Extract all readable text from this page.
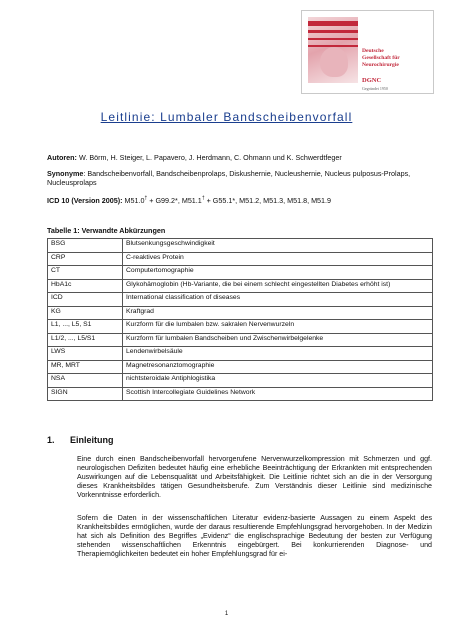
Deutsche
Gesellschaft für
Neurochirurgie
DGNC
Gegründet 1950
Leitlinie: Lumbaler Bandscheibenvorfall
Autoren: W. Börm, H. Steiger, L. Papavero, J. Herdmann, C. Ohmann und K. Schwerdtfeger
Synonyme: Bandscheibenvorfall, Bandscheibenprolaps, Diskushernie, Nucleushernie, Nucleus pulposus-Prolaps, Nucleusprolaps
ICD 10 (Version 2005): M51.0† + G99.2*, M51.1† + G55.1*, M51.2, M51.3, M51.8, M51.9
Tabelle 1: Verwandte Abkürzungen
BSG	Blutsenkungsgeschwindigkeit
CRP	C-reaktives Protein
CT	Computertomographie
HbA1c	Glykohämoglobin (Hb-Variante, die bei einem schlecht eingestellten Diabetes erhöht ist)
ICD	International classification of diseases
KG	Kraftgrad
L1, ..., L5, S1	Kurzform für die lumbalen bzw. sakralen Nervenwurzeln
L1/2, ..., L5/S1	Kurzform für lumbalen Bandscheiben und Zwischenwirbelgelenke
LWS	Lendenwirbelsäule
MR, MRT	Magnetresonanztomographie
NSA	nichtsteroidale Antiphlogistika
SIGN	Scottish Intercollegiate Guidelines Network
1. Einleitung
Eine durch einen Bandscheibenvorfall hervorgerufene Nervenwurzelkompression mit Schmerzen und ggf. neurologischen Defiziten bedeutet häufig eine erhebliche Beeinträchtigung der Erkrankten mit entsprechenden Auswirkungen auf die Lebensqualität und Arbeitsfähigkeit. Die Leitlinie richtet sich an die in der Versorgung dieses Krankheitsbildes tätigen Gesundheitsberufe. Zum Verständnis dieser Leitlinie sind medizinische Vorkenntnisse erforderlich.
Sofern die Daten in der wissenschaftlichen Literatur evidenz-basierte Aussagen zu einem Aspekt des Krankheitsbildes ermöglichen, wurde der daraus resultierende Empfehlungsgrad hervorgehoben. In der Medizin hat sich als Definition des Begriffes „Evidenz“ die englischsprachige Bedeutung der besten zur Verfügung stehenden wissenschaftlichen Erkenntnis eingebürgert. Bei konkurrierenden Diagnose- und Therapiemöglichkeiten bedeutet ein hoher Empfehlungsgrad für ei-
1
